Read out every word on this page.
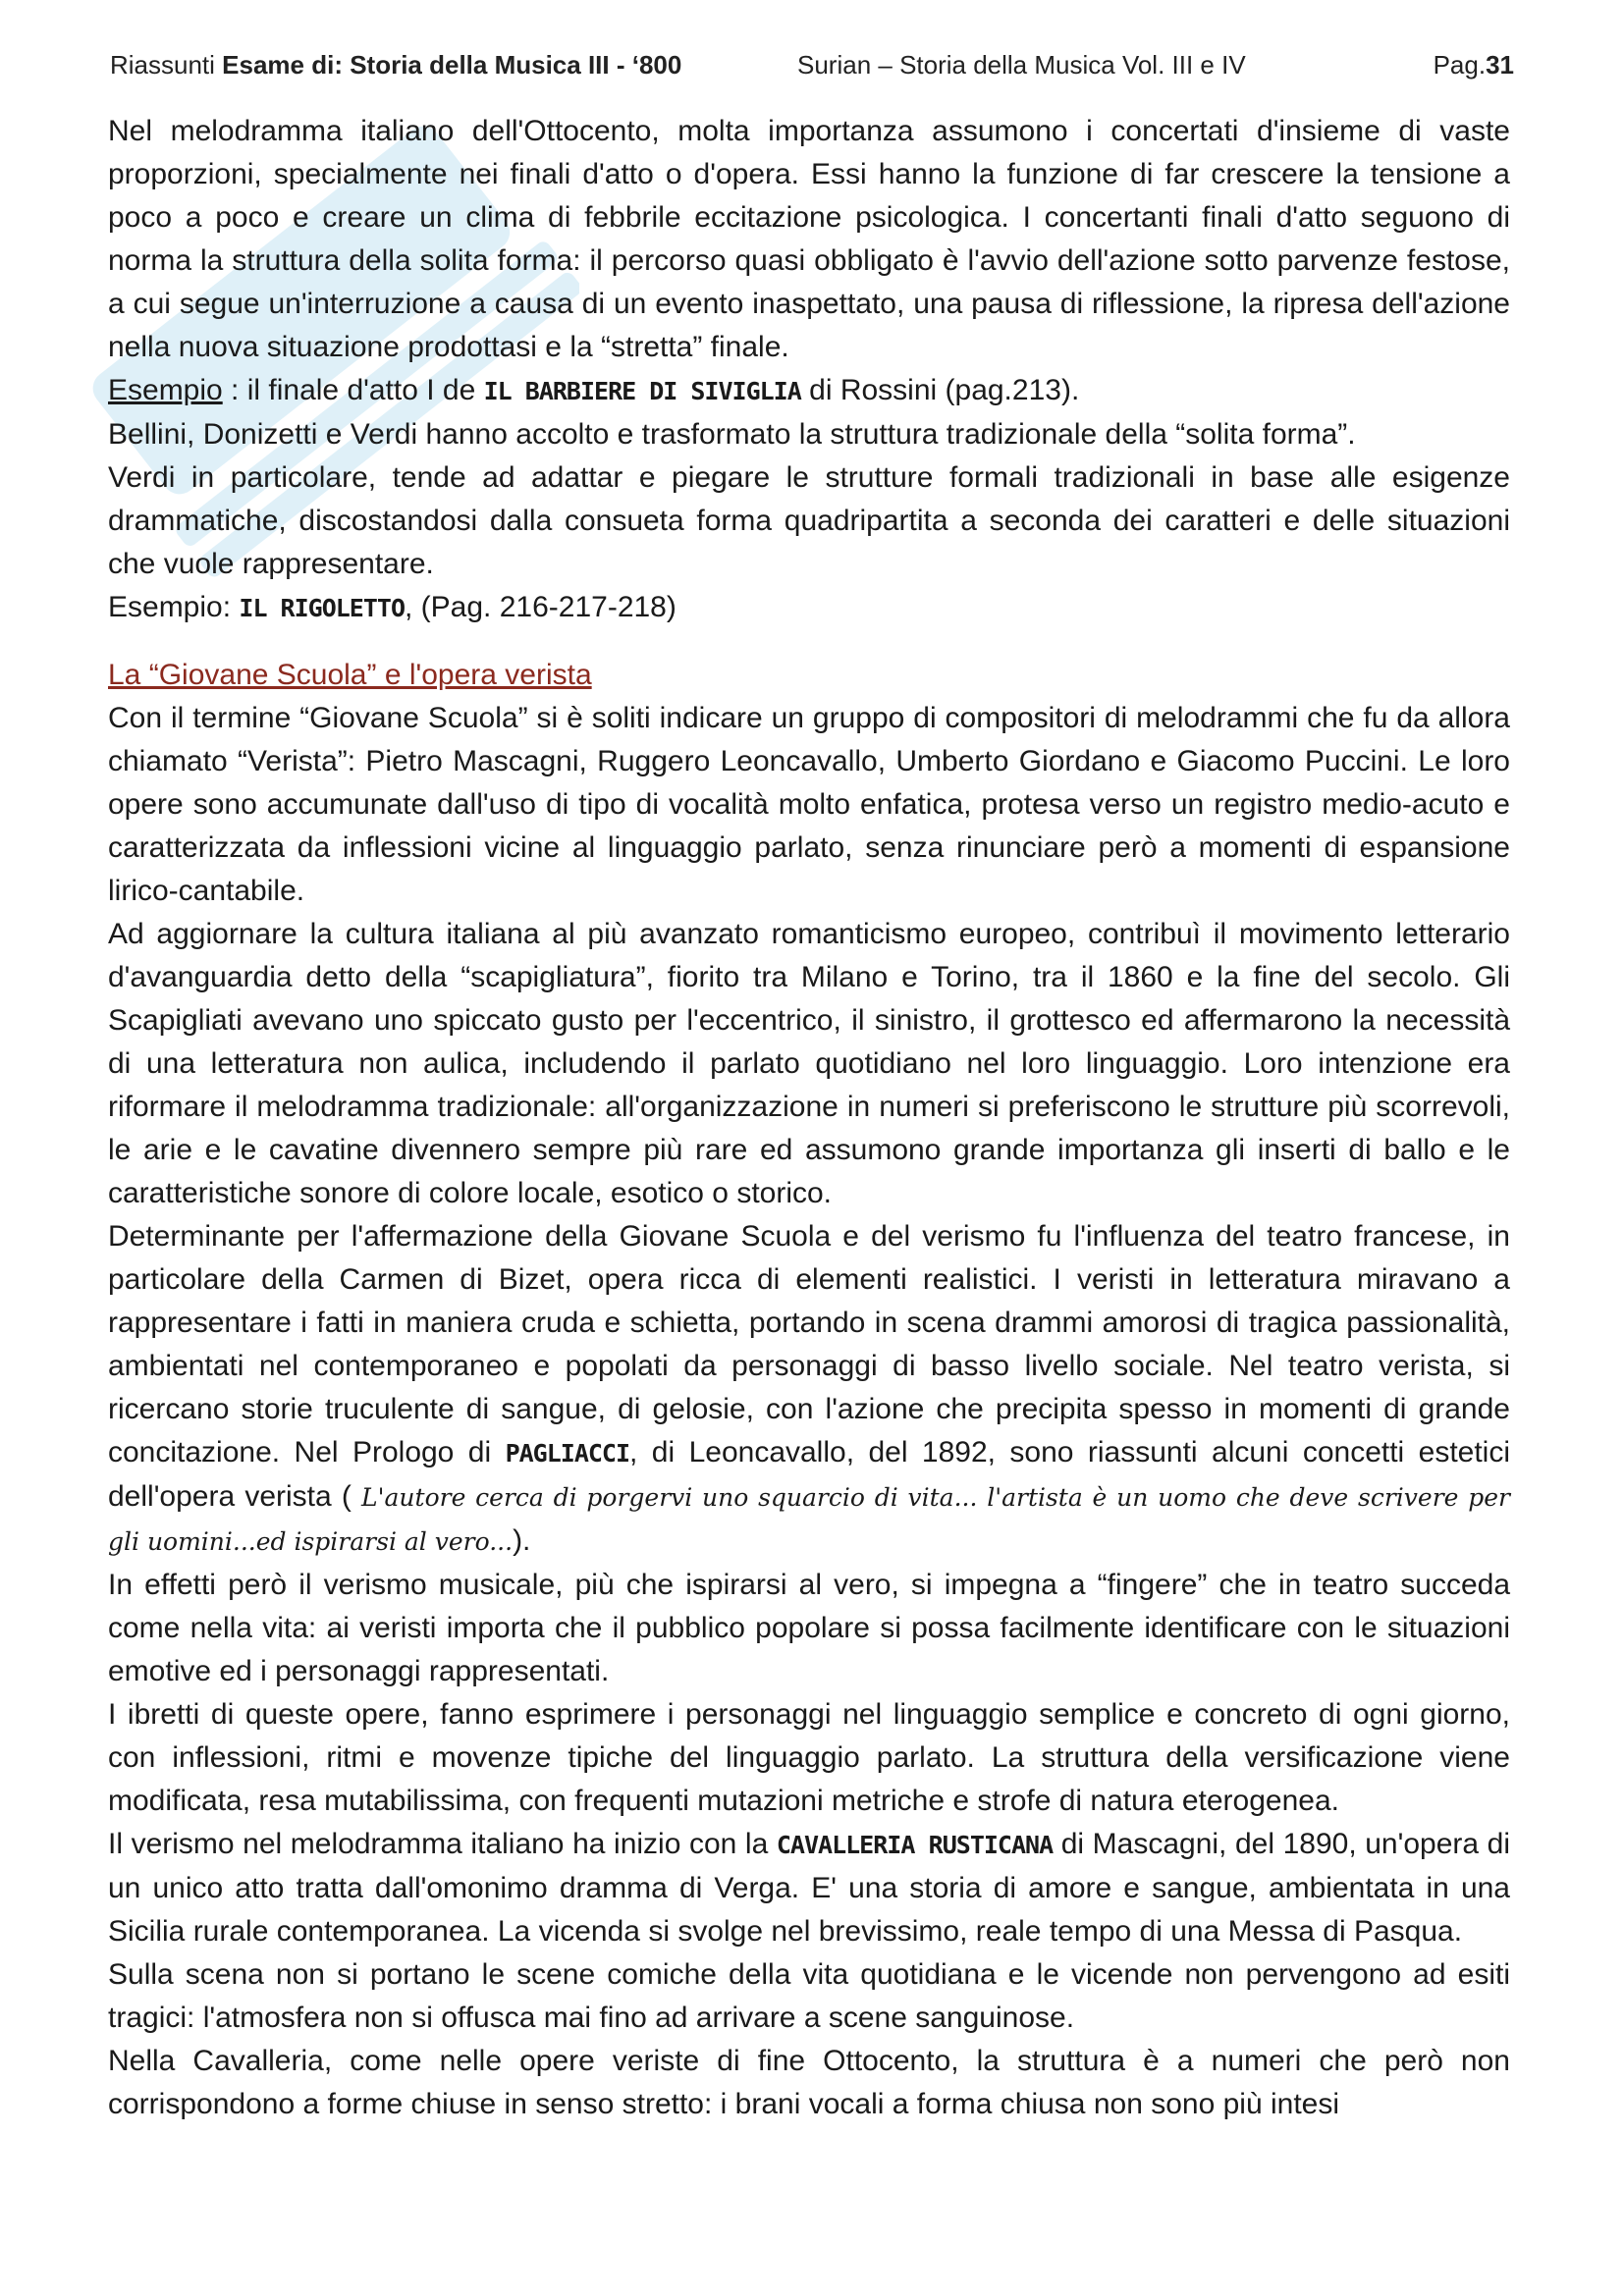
Riassunti Esame di: Storia della Musica III - ‘800	Surian – Storia della Musica Vol. III e IV	Pag.31

Nel melodramma italiano dell'Ottocento, molta importanza assumono i concertati d'insieme di vaste proporzioni, specialmente nei finali d'atto o d'opera. Essi hanno la funzione di far crescere la tensione a poco a poco e creare un clima di febbrile eccitazione psicologica. I concertanti finali d'atto seguono di norma la struttura della solita forma: il percorso quasi obbligato è l'avvio dell'azione sotto parvenze festose, a cui segue un'interruzione a causa di un evento inaspettato, una pausa di riflessione, la ripresa dell'azione nella nuova situazione prodottasi e la “stretta” finale.

Esempio : il finale d'atto I de IL BARBIERE DI SIVIGLIA di Rossini (pag.213).

Bellini, Donizetti e Verdi hanno accolto e trasformato la struttura tradizionale della “solita forma”.

Verdi in particolare, tende ad adattar e piegare le strutture formali tradizionali in base alle esigenze drammatiche, discostandosi dalla consueta forma quadripartita a seconda dei caratteri e delle situazioni che vuole rappresentare.

Esempio: IL RIGOLETTO, (Pag. 216-217-218)

La “Giovane Scuola” e l'opera verista

Con il termine “Giovane Scuola” si è soliti indicare un gruppo di compositori di melodrammi che fu da allora chiamato “Verista”: Pietro Mascagni, Ruggero Leoncavallo, Umberto Giordano e Giacomo Puccini. Le loro opere sono accumunate dall'uso di tipo di vocalità molto enfatica, protesa verso un registro medio-acuto e caratterizzata da inflessioni vicine al linguaggio parlato, senza rinunciare però a momenti di espansione lirico-cantabile.

Ad aggiornare la cultura italiana al più avanzato romanticismo europeo, contribuì il movimento letterario d'avanguardia detto della “scapigliatura”, fiorito tra Milano e Torino, tra il 1860 e la fine del secolo. Gli Scapigliati avevano uno spiccato gusto per l'eccentrico, il sinistro, il grottesco ed affermarono la necessità di una letteratura non aulica, includendo il parlato quotidiano nel loro linguaggio. Loro intenzione era riformare il melodramma tradizionale: all'organizzazione in numeri si preferiscono le strutture più scorrevoli, le arie e le cavatine divennero sempre più rare ed assumono grande importanza gli inserti di ballo e le caratteristiche sonore di colore locale, esotico o storico.

Determinante per l'affermazione della Giovane Scuola e del verismo fu l'influenza del teatro francese, in particolare della Carmen di Bizet, opera ricca di elementi realistici. I veristi in letteratura miravano a rappresentare i fatti in maniera cruda e schietta, portando in scena drammi amorosi di tragica passionalità, ambientati nel contemporaneo e popolati da personaggi di basso livello sociale. Nel teatro verista, si ricercano storie truculente di sangue, di gelosie, con l'azione che precipita spesso in momenti di grande concitazione. Nel Prologo di PAGLIACCI, di Leoncavallo, del 1892, sono riassunti alcuni concetti estetici dell'opera verista ( L'autore cerca di porgervi uno squarcio di vita... l'artista è un uomo che deve scrivere per gli uomini...ed ispirarsi al vero...).

In effetti però il verismo musicale, più che ispirarsi al vero, si impegna a “fingere” che in teatro succeda come nella vita: ai veristi importa che il pubblico popolare si possa facilmente identificare con le situazioni emotive ed i personaggi rappresentati.

I ibretti di queste opere, fanno esprimere i personaggi nel linguaggio semplice e concreto di ogni giorno, con inflessioni, ritmi e movenze tipiche del linguaggio parlato. La struttura della versificazione viene modificata, resa mutabilissima, con frequenti mutazioni metriche e strofe di natura eterogenea.

Il verismo nel melodramma italiano ha inizio con la CAVALLERIA RUSTICANA di Mascagni, del 1890, un'opera di un unico atto tratta dall'omonimo dramma di Verga. E' una storia di amore e sangue, ambientata in una Sicilia rurale contemporanea. La vicenda si svolge nel brevissimo, reale tempo di una Messa di Pasqua.

Sulla scena non si portano le scene comiche della vita quotidiana e le vicende non pervengono ad esiti tragici: l'atmosfera non si offusca mai fino ad arrivare a scene sanguinose.

Nella Cavalleria, come nelle opere veriste di fine Ottocento, la struttura è a numeri che però non corrispondono a forme chiuse in senso stretto: i brani vocali a forma chiusa non sono più intesi
